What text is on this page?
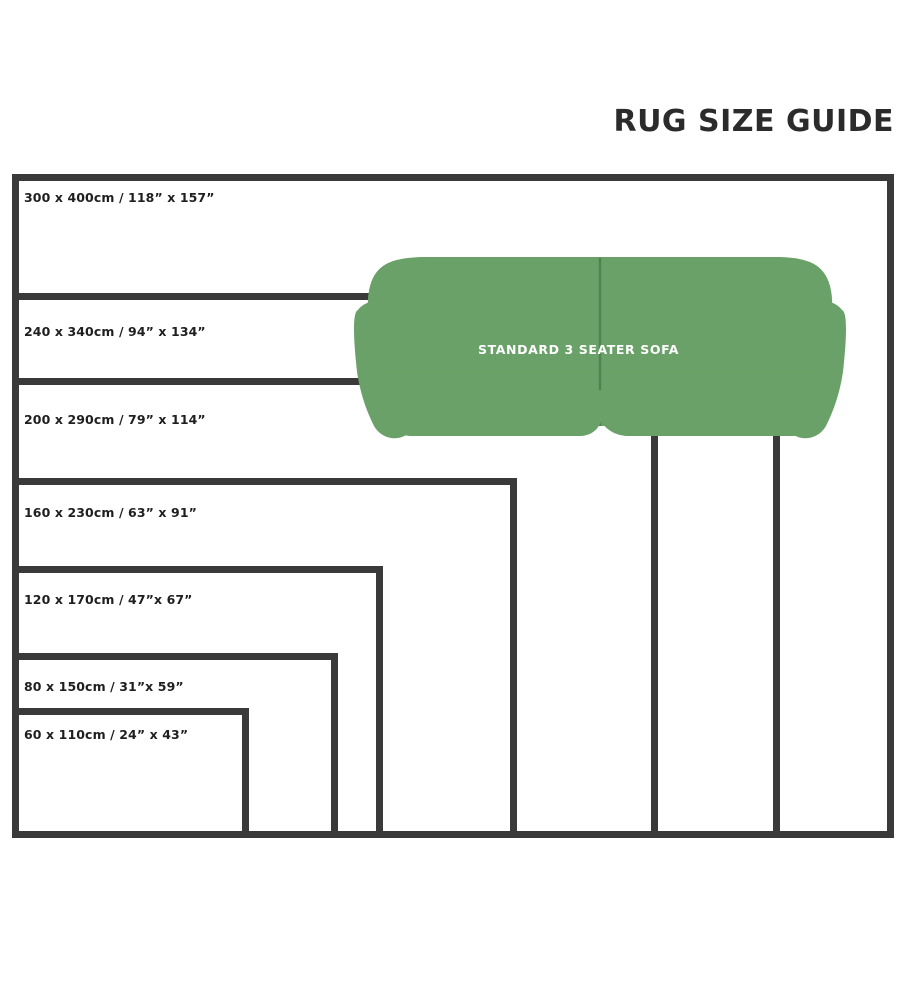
RUG SIZE GUIDE
300 x 400cm / 118” x 157”
240 x 340cm / 94” x 134”
200 x 290cm / 79” x 114”
STANDARD 3 SEATER SOFA
160 x 230cm / 63” x 91”
120 x 170cm / 47”x 67”
80 x 150cm / 31”x 59”
60 x 110cm / 24” x 43”
